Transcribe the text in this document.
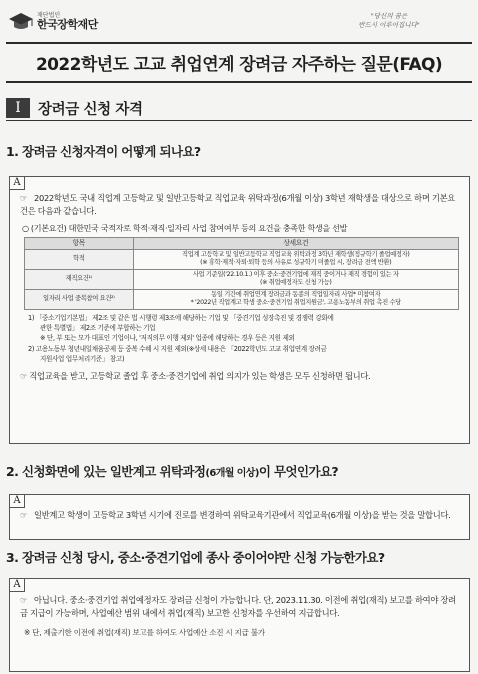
재단법인
한국장학재단
"당신의 꿈은
반드시 이루어집니다"
2022학년도 고교 취업연계 장려금 자주하는 질문(FAQ)
I	장려금 신청 자격
1. 장려금 신청자격이 어떻게 되나요?
A
☞ 2022학년도 국내 직업계 고등학교 및 일반고등학교 직업교육 위탁과정(6개월 이상) 3학년 재학생을 대상으로 하며 기본요건은 다음과 같습니다.
○ (기본요건) 대한민국 국적자로 학적·재직·일자리 사업 참여여부 등의 요건을 충족한 학생을 선발
항목	상세요건
학적	직업계 고등학교 및 일반고등학교 직업교육 위탁과정 3학년 재학생(정규학기 졸업예정자)
(※ 휴학·제적·자퇴·퇴학 등의 사유로 성규학기 미졸업 시, 장려금 전액 반환)

재직요건¹⁾	사업 기준일('22.10.1.) 이후 중소·중견기업에 재직 중이거나 재직 경험이 있는 자
(※ 취업예정자도 신청 가능)

일자리 사업 중복참여 요건²⁾	동일 기간에 취업연계 장려금과 동종의 직업일자리 사업* 미참여자
* '2022년 직업계고 학생 중소·중견기업 취업지원금', 고용노동부의 취업 촉진 수당
1) 「중소기업기본법」 제2조 및 같은 법 시행령 제3조에 해당하는 기업 및 「중견기업 성장촉진 및 경쟁력 강화에
관한 특별법」 제2조 기준에 부합하는 기업
※ 단, 부 또는 모가 대표인 기업이나, '저직의무 이행 제외' 업종에 해당하는 경우 등은 지원 제외
2) 고용노동부 청년내일채움공제 등 중복 수혜 시 지원 제외(※상세 내용은 「2022학년도 고교 취업연계 장려금
지원사업 업무처리기준」 참고)
☞ 직업교육을 받고, 고등학교 졸업 후 중소·중견기업에 취업 의지가 있는 학생은 모두 신청하면 됩니다.
2. 신청화면에 있는 일반계고 위탁과정(6개월 이상)이 무엇인가요?
A
☞ 일반계고 학생이 고등학교 3학년 시기에 진로를 변경하여 위탁교육기관에서 직업교육(6개월 이상)을 받는 것을 말합니다.
3. 장려금 신청 당시, 중소·중견기업에 종사 중이어야만 신청 가능한가요?
A
☞ 아닙니다. 중소·중견기업 취업예정자도 장려금 신청이 가능합니다. 단, 2023.11.30. 이전에 취업(재직) 보고를 하여야 장려금 지급이 가능하며, 사업예산 범위 내에서 취업(재직) 보고한 신청자를 우선하여 지급합니다.
※ 단, 제출기한 이전에 취업(재직) 보고를 하여도 사업예산 소진 시 지급 불가
